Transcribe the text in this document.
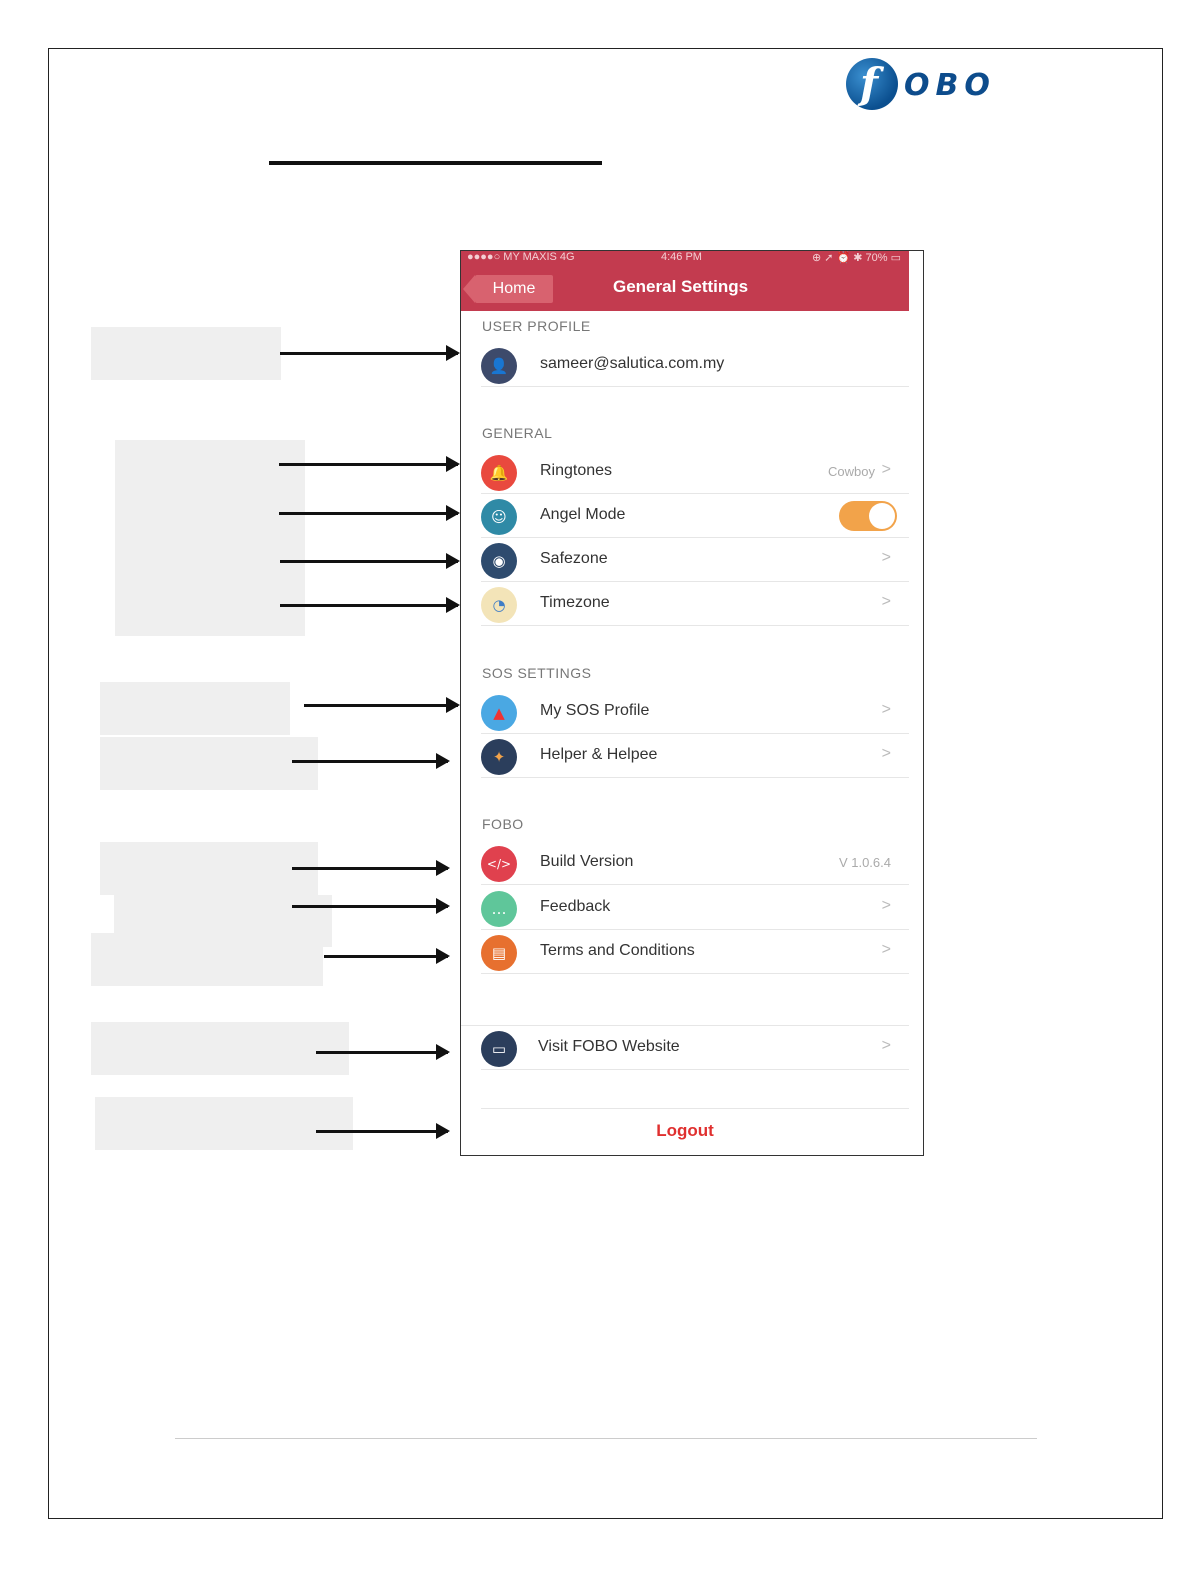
f OBO
●●●●○ MY MAXIS 4G	4:46 PM	⊕ ➚ ⏰ ✱ 70% ▭
Home	General Settings
USER PROFILE
👤	sameer@salutica.com.my
GENERAL
🔔	Ringtones	Cowboy >
☺	Angel Mode
◉	Safezone	>
◔	Timezone	>
SOS SETTINGS
▲	My SOS Profile	>
✦	Helper & Helpee	>
FOBO
</>	Build Version	V 1.0.6.4
…	Feedback	>
▤	Terms and Conditions	>
▭	Visit FOBO Website	>
Logout
